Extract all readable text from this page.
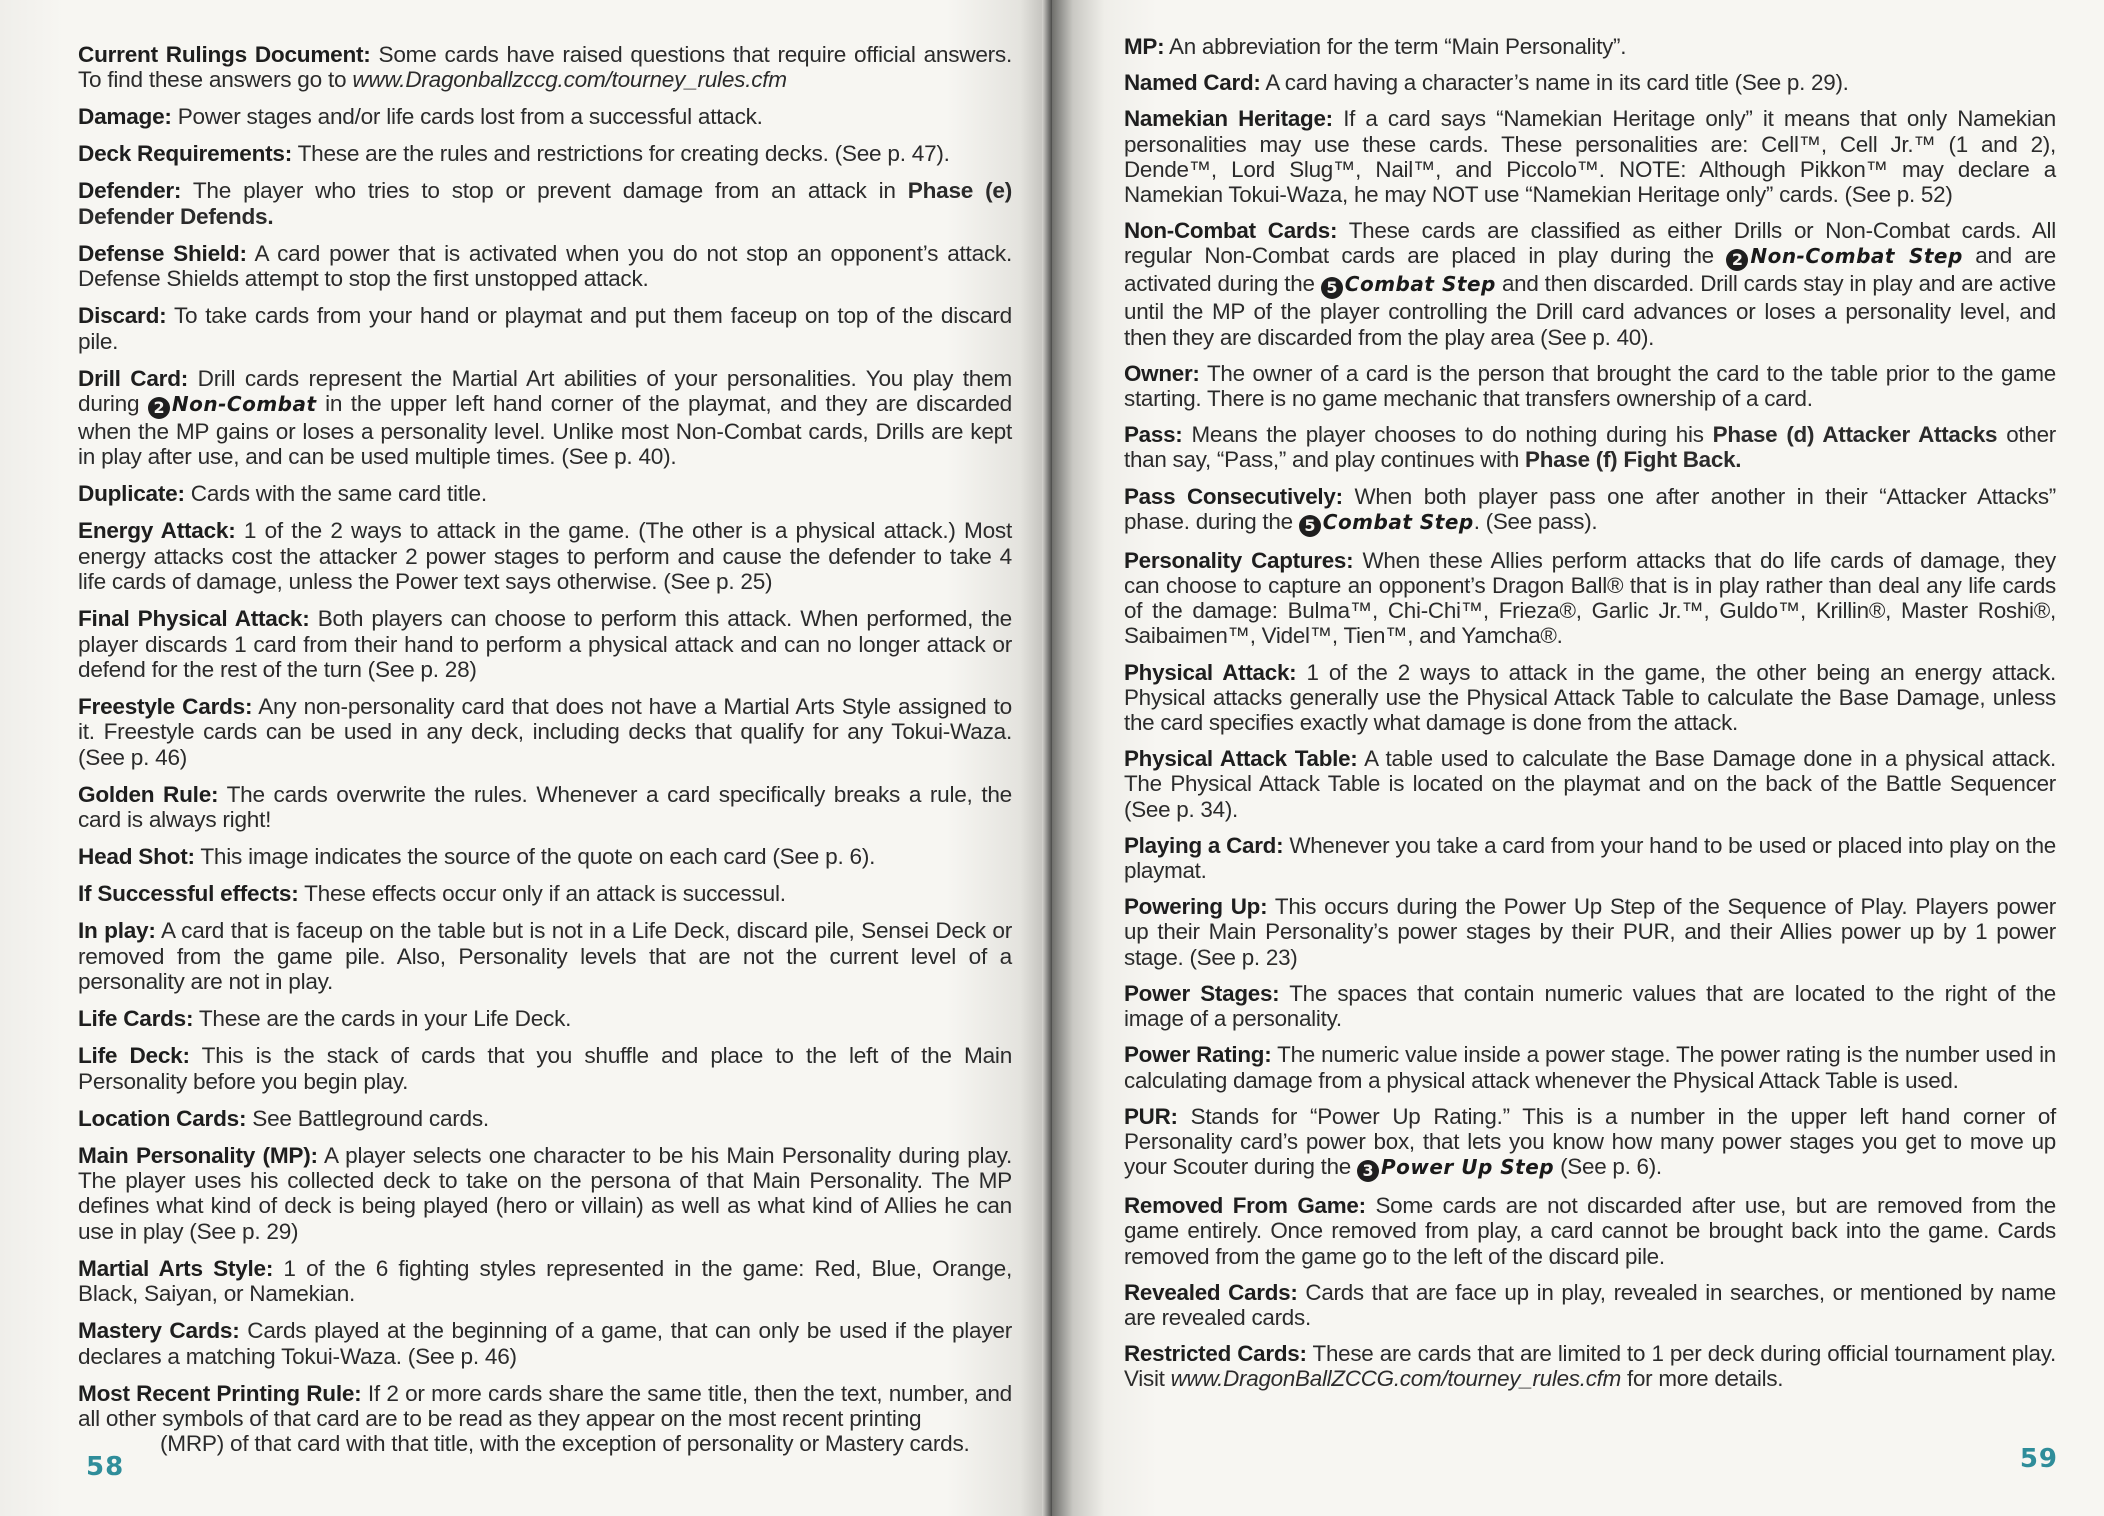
Current Rulings Document: Some cards have raised questions that require official answers. To find these answers go to www.Dragonballzccg.com/tourney_rules.cfm

Damage: Power stages and/or life cards lost from a successful attack.

Deck Requirements: These are the rules and restrictions for creating decks. (See p. 47).

Defender: The player who tries to stop or prevent damage from an attack in Phase (e) Defender Defends.

Defense Shield: A card power that is activated when you do not stop an opponent’s attack. Defense Shields attempt to stop the first unstopped attack.

Discard: To take cards from your hand or playmat and put them faceup on top of the discard pile.

Drill Card: Drill cards represent the Martial Art abilities of your personalities. You play them during 2 Non-Combat in the upper left hand corner of the playmat, and they are discarded when the MP gains or loses a personality level. Unlike most Non-Combat cards, Drills are kept in play after use, and can be used multiple times. (See p. 40).

Duplicate: Cards with the same card title.

Energy Attack: 1 of the 2 ways to attack in the game. (The other is a physical attack.) Most energy attacks cost the attacker 2 power stages to perform and cause the defender to take 4 life cards of damage, unless the Power text says otherwise. (See p. 25)

Final Physical Attack: Both players can choose to perform this attack. When performed, the player discards 1 card from their hand to perform a physical attack and can no longer attack or defend for the rest of the turn (See p. 28)

Freestyle Cards: Any non-personality card that does not have a Martial Arts Style assigned to it. Freestyle cards can be used in any deck, including decks that qualify for any Tokui-Waza. (See p. 46)

Golden Rule: The cards overwrite the rules. Whenever a card specifically breaks a rule, the card is always right!

Head Shot: This image indicates the source of the quote on each card (See p. 6).

If Successful effects: These effects occur only if an attack is successul.

In play: A card that is faceup on the table but is not in a Life Deck, discard pile, Sensei Deck or removed from the game pile. Also, Personality levels that are not the current level of a personality are not in play.

Life Cards: These are the cards in your Life Deck.

Life Deck: This is the stack of cards that you shuffle and place to the left of the Main Personality before you begin play.

Location Cards: See Battleground cards.

Main Personality (MP): A player selects one character to be his Main Personality during play. The player uses his collected deck to take on the persona of that Main Personality. The MP defines what kind of deck is being played (hero or villain) as well as what kind of Allies he can use in play (See p. 29)

Martial Arts Style: 1 of the 6 fighting styles represented in the game: Red, Blue, Orange, Black, Saiyan, or Namekian.

Mastery Cards: Cards played at the beginning of a game, that can only be used if the player declares a matching Tokui-Waza. (See p. 46)

Most Recent Printing Rule: If 2 or more cards share the same title, then the text, number, and all other symbols of that card are to be read as they appear on the most recent printing
(MRP) of that card with that title, with the exception of personality or Mastery cards.

58

MP: An abbreviation for the term “Main Personality”.

Named Card: A card having a character’s name in its card title (See p. 29).

Namekian Heritage: If a card says “Namekian Heritage only” it means that only Namekian personalities may use these cards. These personalities are: Cell™, Cell Jr.™ (1 and 2), Dende™, Lord Slug™, Nail™, and Piccolo™. NOTE: Although Pikkon™ may declare a Namekian Tokui-Waza, he may NOT use “Namekian Heritage only” cards. (See p. 52)

Non-Combat Cards: These cards are classified as either Drills or Non-Combat cards. All regular Non-Combat cards are placed in play during the 2 Non-Combat Step and are activated during the 5 Combat Step and then discarded. Drill cards stay in play and are active until the MP of the player controlling the Drill card advances or loses a personality level, and then they are discarded from the play area (See p. 40).

Owner: The owner of a card is the person that brought the card to the table prior to the game starting. There is no game mechanic that transfers ownership of a card.

Pass: Means the player chooses to do nothing during his Phase (d) Attacker Attacks other than say, “Pass,” and play continues with Phase (f) Fight Back.

Pass Consecutively: When both player pass one after another in their “Attacker Attacks” phase. during the 5 Combat Step. (See pass).

Personality Captures: When these Allies perform attacks that do life cards of damage, they can choose to capture an opponent’s Dragon Ball® that is in play rather than deal any life cards of the damage: Bulma™, Chi-Chi™, Frieza®, Garlic Jr.™, Guldo™, Krillin®, Master Roshi®, Saibaimen™, Videl™, Tien™, and Yamcha®.

Physical Attack: 1 of the 2 ways to attack in the game, the other being an energy attack. Physical attacks generally use the Physical Attack Table to calculate the Base Damage, unless the card specifies exactly what damage is done from the attack.

Physical Attack Table: A table used to calculate the Base Damage done in a physical attack. The Physical Attack Table is located on the playmat and on the back of the Battle Sequencer (See p. 34).

Playing a Card: Whenever you take a card from your hand to be used or placed into play on the playmat.

Powering Up: This occurs during the Power Up Step of the Sequence of Play. Players power up their Main Personality’s power stages by their PUR, and their Allies power up by 1 power stage. (See p. 23)

Power Stages: The spaces that contain numeric values that are located to the right of the image of a personality.

Power Rating: The numeric value inside a power stage. The power rating is the number used in calculating damage from a physical attack whenever the Physical Attack Table is used.

PUR: Stands for “Power Up Rating.” This is a number in the upper left hand corner of Personality card’s power box, that lets you know how many power stages you get to move up your Scouter during the 3 Power Up Step (See p. 6).

Removed From Game: Some cards are not discarded after use, but are removed from the game entirely. Once removed from play, a card cannot be brought back into the game. Cards removed from the game go to the left of the discard pile.

Revealed Cards: Cards that are face up in play, revealed in searches, or mentioned by name are revealed cards.

Restricted Cards: These are cards that are limited to 1 per deck during official tournament play. Visit www.DragonBallZCCG.com/tourney_rules.cfm for more details.

59
